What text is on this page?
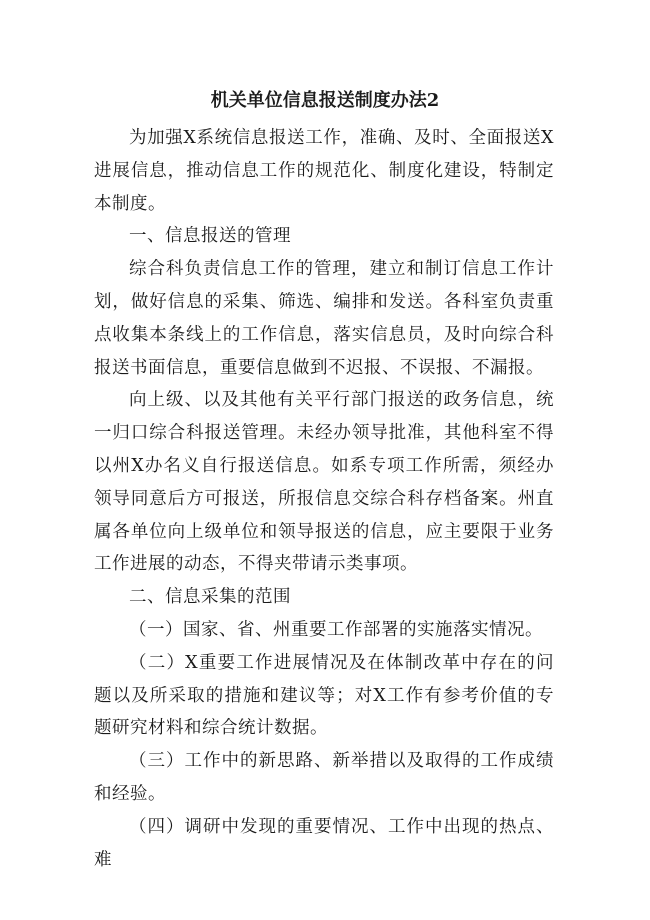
机关单位信息报送制度办法2

为加强X系统信息报送工作，准确、及时、全面报送X进展信息，推动信息工作的规范化、制度化建设，特制定本制度。

一、信息报送的管理

综合科负责信息工作的管理，建立和制订信息工作计划，做好信息的采集、筛选、编排和发送。各科室负责重点收集本条线上的工作信息，落实信息员，及时向综合科报送书面信息，重要信息做到不迟报、不误报、不漏报。

向上级、以及其他有关平行部门报送的政务信息，统一归口综合科报送管理。未经办领导批准，其他科室不得以州X办名义自行报送信息。如系专项工作所需，须经办领导同意后方可报送，所报信息交综合科存档备案。州直属各单位向上级单位和领导报送的信息，应主要限于业务工作进展的动态，不得夹带请示类事项。

二、信息采集的范围

（一）国家、省、州重要工作部署的实施落实情况。

（二）X重要工作进展情况及在体制改革中存在的问题以及所采取的措施和建议等；对X工作有参考价值的专题研究材料和综合统计数据。

（三）工作中的新思路、新举措以及取得的工作成绩和经验。

（四）调研中发现的重要情况、工作中出现的热点、难
